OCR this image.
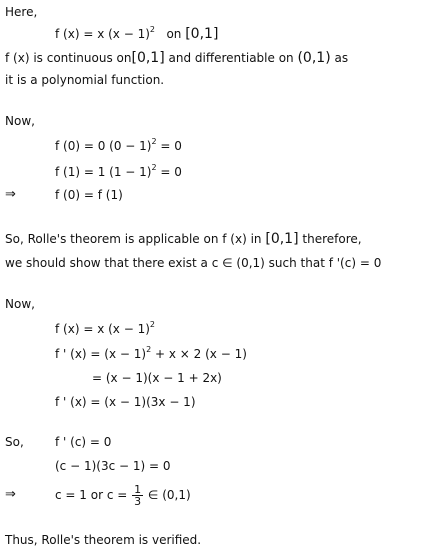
Here,
f (x) = x $(x - 1)^2$ on [0,1]
f (x) is continuous on[0,1] and differentiable on (0,1) as
it is a polynomial function.
Now,
f (0) = 0 $(0 - 1)^2 = 0$
f (1) = 1 $(1 - 1)^2 = 0$
⇒	f (0) = f (1)
So, Rolle's theorem is applicable on f (x) in [0,1] therefore,
we should show that there exist a c ∈ (0,1) such that f '(c) = 0
Now,
f (x) = x $(x - 1)^2$
f ' $(x) = (x - 1)^2 + x \times 2$ (x − 1)
= (x − 1)(x − 1 + 2x)
f ' (x) = (x − 1)(3x − 1)
So,	f ' (c) = 0
(c − 1)(3c − 1) = 0
⇒	c = 1 or $c = \frac{1}{3}$ ∈ (0,1)
Thus, Rolle's theorem is verified.
